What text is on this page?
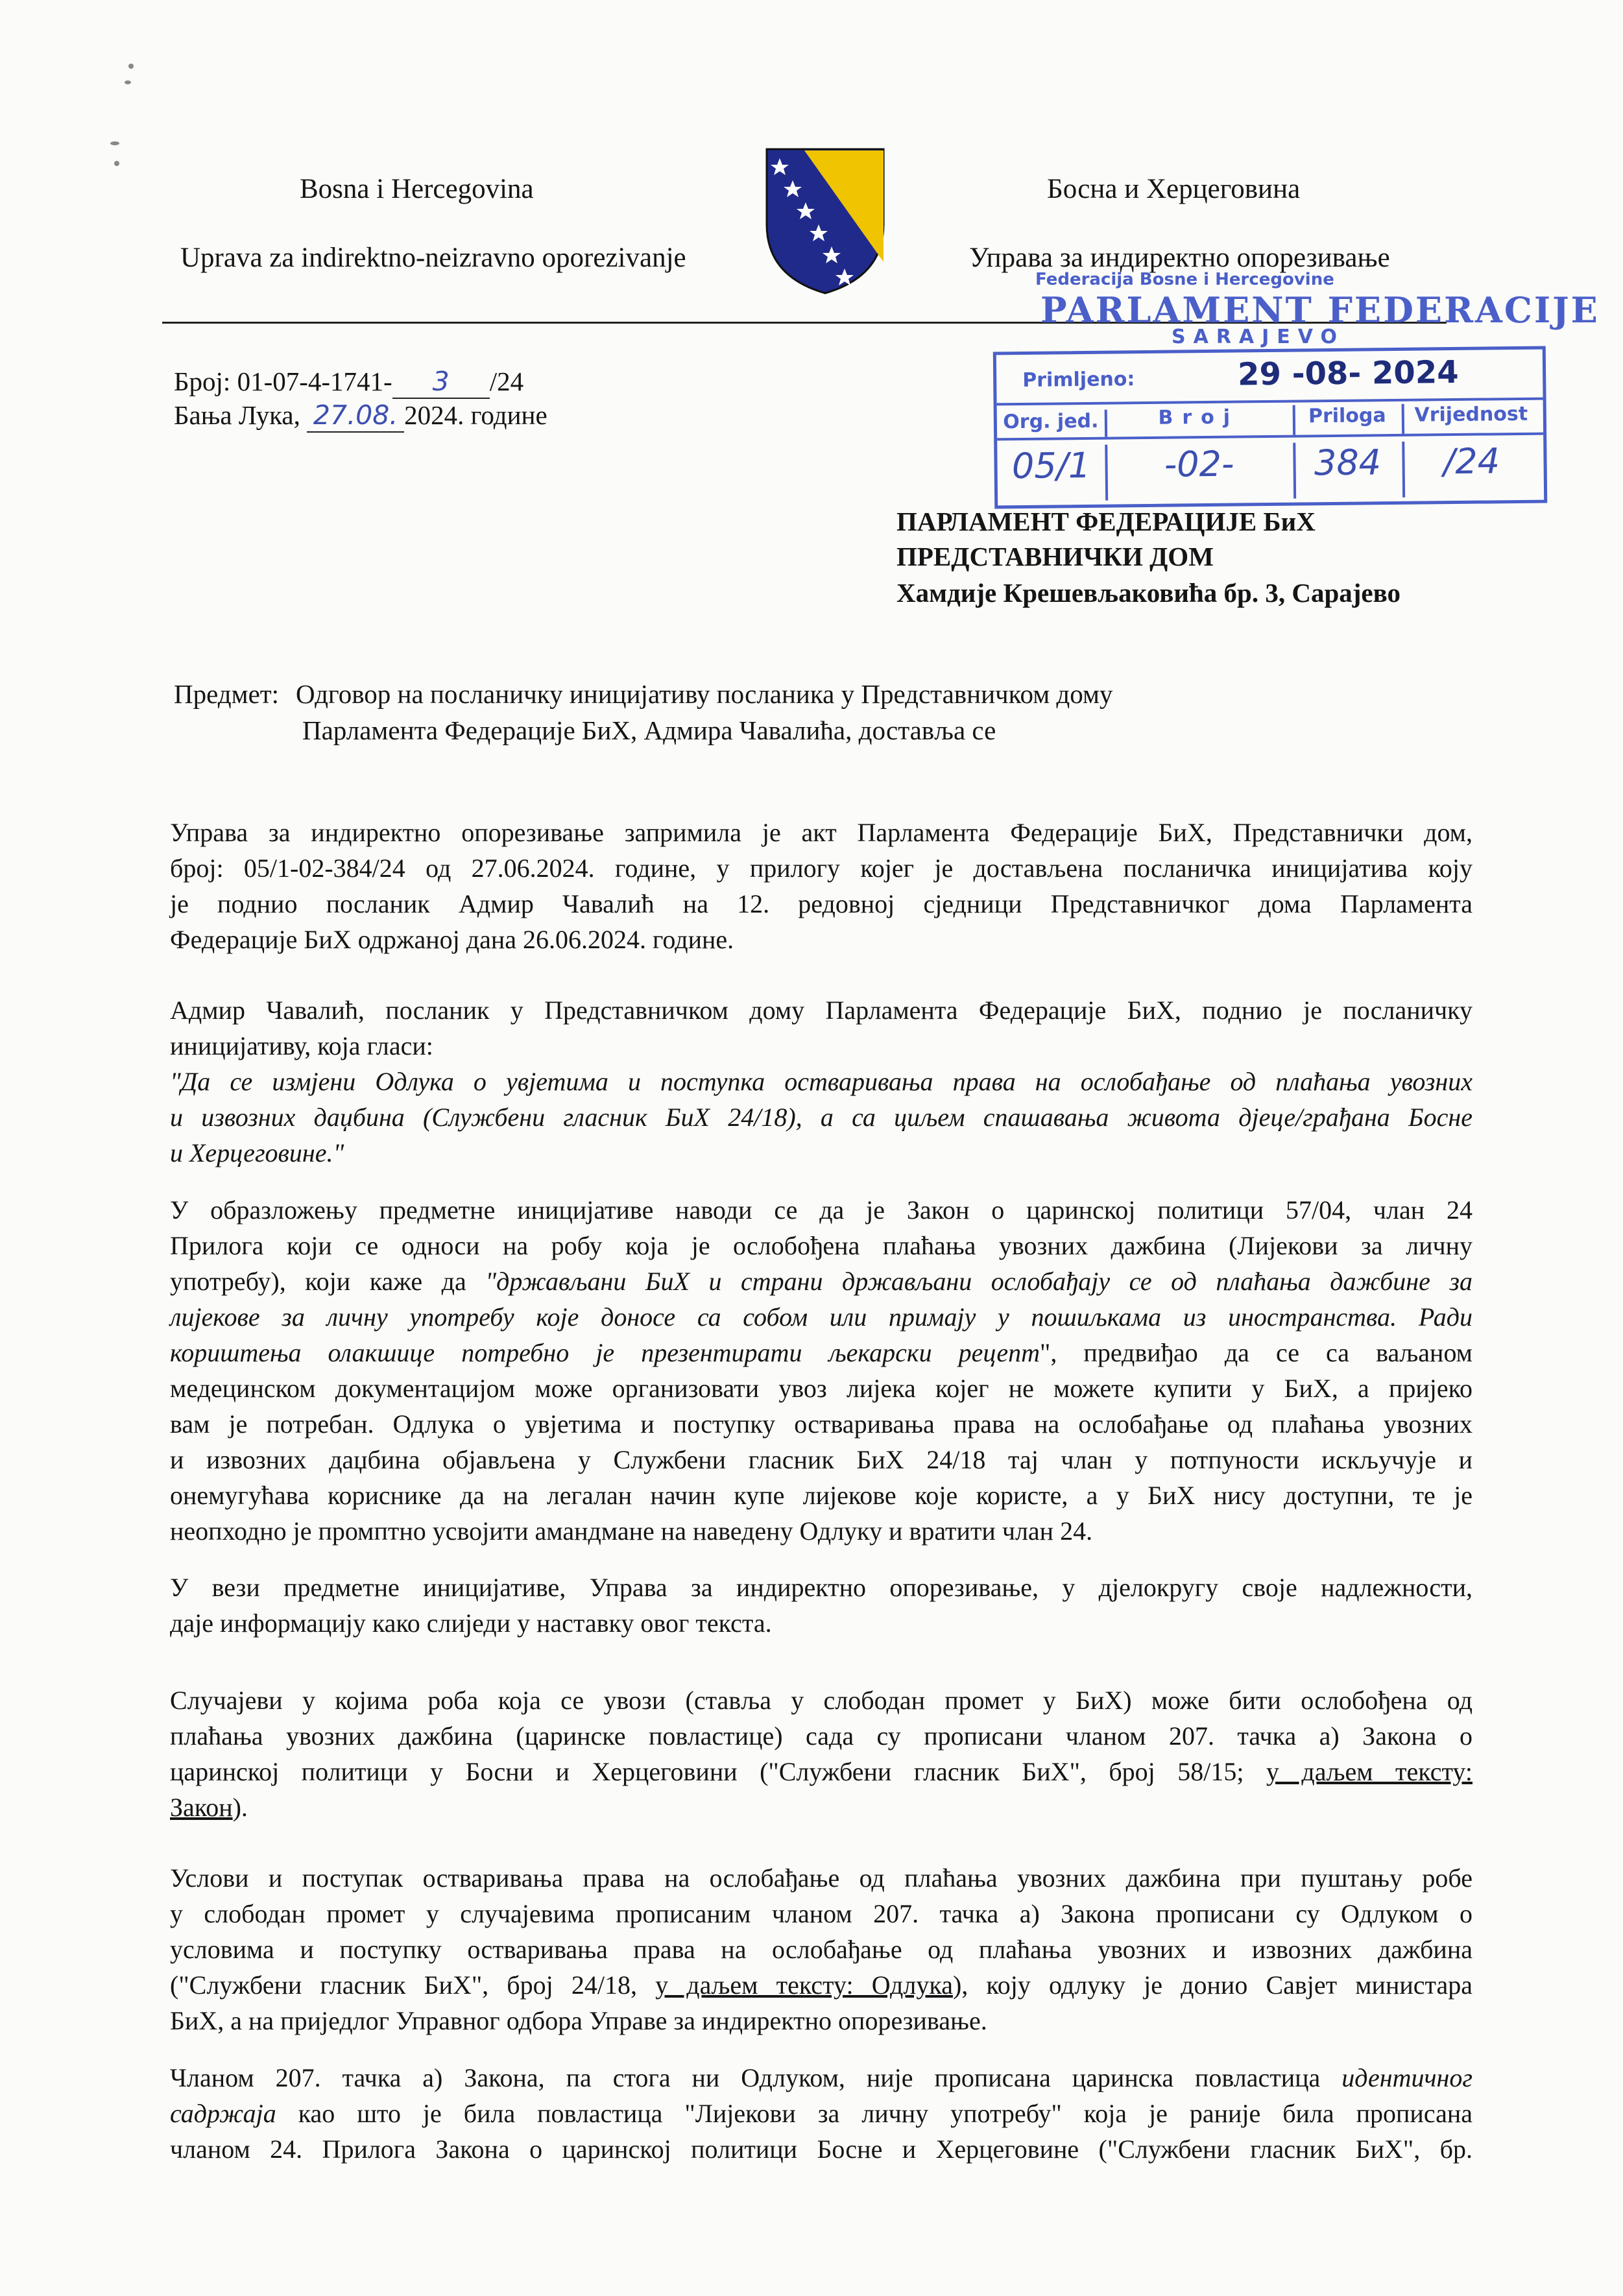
Bosna i Hercegovina
Uprava za indirektno-neizravno oporezivanje
Босна и Херцеговина
Управа за индиректно опорезивање
Број: 01-07-4-1741- 3 /24
Бања Лука, 27.08. 2024. године
Federacija Bosne i Hercegovine
PARLAMENT FEDERACIJE
SARAJEVO
Primljeno:	29 -08- 2024
Org. jed.	Broj	Priloga	Vrijednost
05/1	-02-	384	/24
ПАРЛАМЕНТ ФЕДЕРАЦИЈЕ БиХ
ПРЕДСТАВНИЧКИ ДОМ
Хамдије Крешевљаковића бр. 3, Сарајево
Предмет: Одговор на посланичку иницијативу посланика у Представничком дому
Парламента Федерације БиХ, Адмира Чавалића, доставља се
Управа за индиректно опорезивање запримила је акт Парламента Федерације БиХ, Представнички дом,
број: 05/1-02-384/24 од 27.06.2024. године, у прилогу којег је достављена посланичка иницијатива коју
је поднио посланик Адмир Чавалић на 12. редовној сједници Представничког дома Парламента
Федерације БиХ одржаној дана 26.06.2024. године.
Адмир Чавалић, посланик у Представничком дому Парламента Федерације БиХ, поднио је посланичку
иницијативу, која гласи:
"Да се измјени Одлука о увјетима и поступка остваривања права на ослобађање од плаћања увозних
и извозних даџбина (Службени гласник БиХ 24/18), а са циљем спашавања живота дјеце/грађана Босне
и Херцеговине."
У образложењу предметне иницијативе наводи се да је Закон о царинској политици 57/04, члан 24
Прилога који се односи на робу која је ослобођена плаћања увозних дажбина (Лијекови за личну
употребу), који каже да "држављани БиХ и страни држављани ослобађају се од плаћања дажбине за
лијекове за личну употребу које доносе са собом или примају у пошиљкама из иностранства. Ради
кориштења олакшице потребно је презентирати љекарски рецепт", предвиђао да се са ваљаном
медецинском документацијом може организовати увоз лијека којег не можете купити у БиХ, а пријеко
вам је потребан. Одлука о увјетима и поступку остваривања права на ослобађање од плаћања увозних
и извозних даџбина објављена у Службени гласник БиХ 24/18 тај члан у потпуности искључује и
онемугућава кориснике да на легалан начин купе лијекове које користе, а у БиХ нису доступни, те је
неопходно је промптно усвојити амандмане на наведену Одлуку и вратити члан 24.
У вези предметне иницијативе, Управа за индиректно опорезивање, у дјелокругу своје надлежности,
даје информацију како слиједи у наставку овог текста.
Случајеви у којима роба која се увози (ставља у слободан промет у БиХ) може бити ослобођена од
плаћања увозних дажбина (царинске повластице) сада су прописани чланом 207. тачка а) Закона о
царинској политици у Босни и Херцеговини ("Службени гласник БиХ", број 58/15; у даљем тексту:
Закон).
Услови и поступак остваривања права на ослобађање од плаћања увозних дажбина при пуштању робе
у слободан промет у случајевима прописаним чланом 207. тачка а) Закона прописани су Одлуком о
условима и поступку остваривања права на ослобађање од плаћања увозних и извозних дажбина
("Службени гласник БиХ", број 24/18, у даљем тексту: Одлука), коју одлуку је донио Савјет министара
БиХ, а на приједлог Управног одбора Управе за индиректно опорезивање.
Чланом 207. тачка а) Закона, па стога ни Одлуком, није прописана царинска повластица идентичног
садржаја као што је била повластица "Лијекови за личну употребу" која је раније била прописана
чланом 24. Прилога Закона о царинској политици Босне и Херцеговине ("Службени гласник БиХ", бр.
